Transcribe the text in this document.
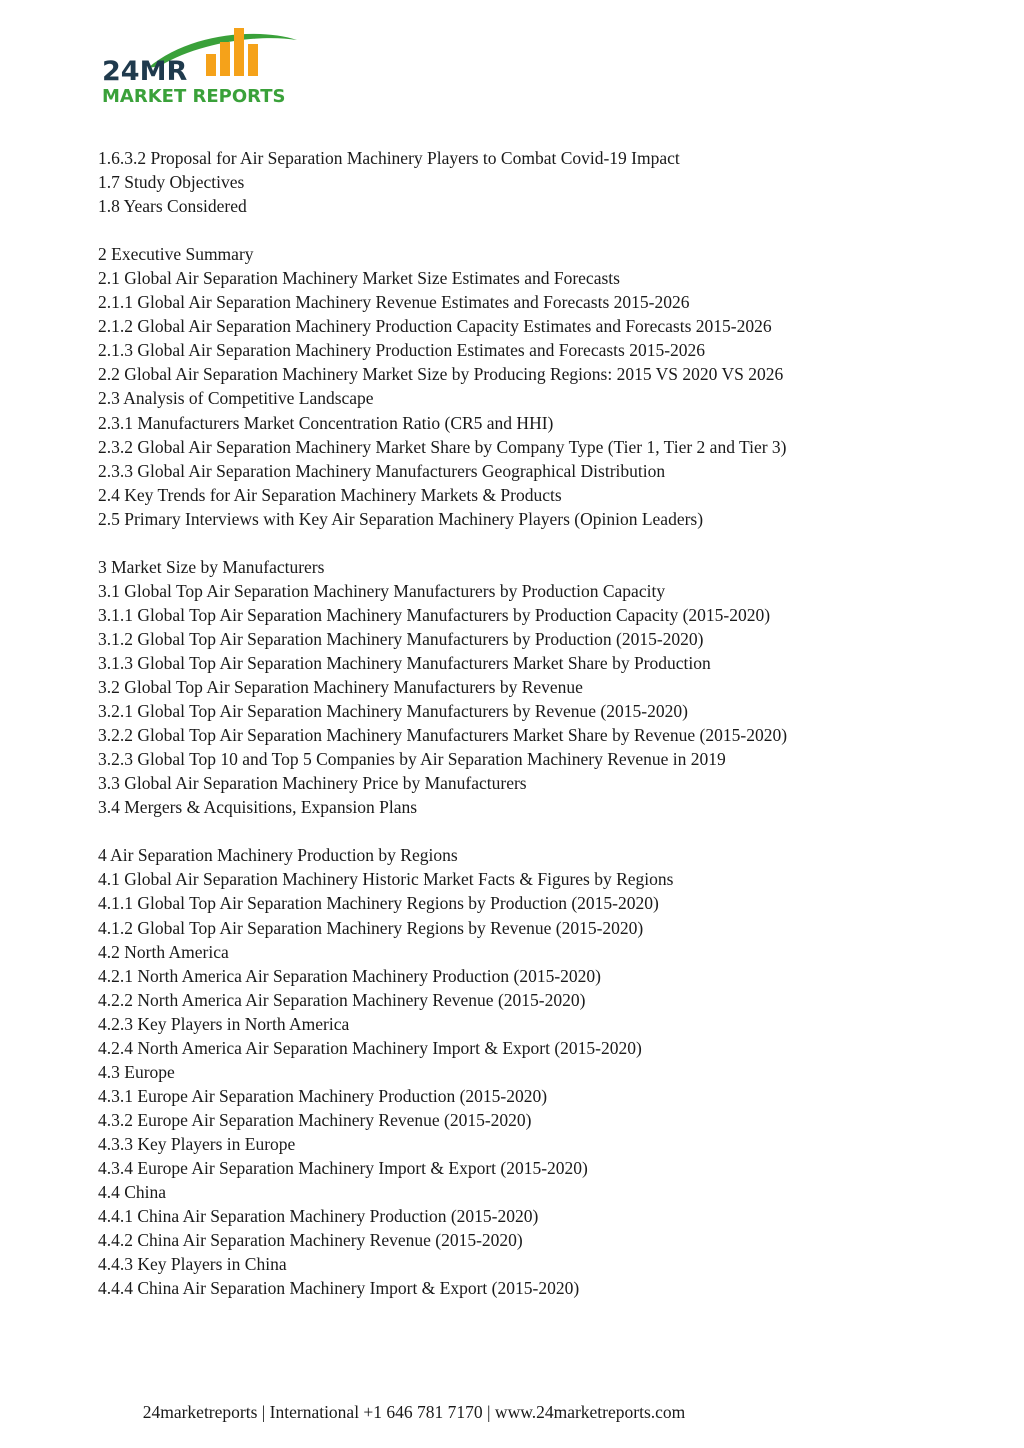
24MR
MARKET REPORTS
1.6.3.2 Proposal for Air Separation Machinery Players to Combat Covid-19 Impact
1.7 Study Objectives
1.8 Years Considered
2 Executive Summary
2.1 Global Air Separation Machinery Market Size Estimates and Forecasts
2.1.1 Global Air Separation Machinery Revenue Estimates and Forecasts 2015-2026
2.1.2 Global Air Separation Machinery Production Capacity Estimates and Forecasts 2015-2026
2.1.3 Global Air Separation Machinery Production Estimates and Forecasts 2015-2026
2.2 Global Air Separation Machinery Market Size by Producing Regions: 2015 VS 2020 VS 2026
2.3 Analysis of Competitive Landscape
2.3.1 Manufacturers Market Concentration Ratio (CR5 and HHI)
2.3.2 Global Air Separation Machinery Market Share by Company Type (Tier 1, Tier 2 and Tier 3)
2.3.3 Global Air Separation Machinery Manufacturers Geographical Distribution
2.4 Key Trends for Air Separation Machinery Markets & Products
2.5 Primary Interviews with Key Air Separation Machinery Players (Opinion Leaders)
3 Market Size by Manufacturers
3.1 Global Top Air Separation Machinery Manufacturers by Production Capacity
3.1.1 Global Top Air Separation Machinery Manufacturers by Production Capacity (2015-2020)
3.1.2 Global Top Air Separation Machinery Manufacturers by Production (2015-2020)
3.1.3 Global Top Air Separation Machinery Manufacturers Market Share by Production
3.2 Global Top Air Separation Machinery Manufacturers by Revenue
3.2.1 Global Top Air Separation Machinery Manufacturers by Revenue (2015-2020)
3.2.2 Global Top Air Separation Machinery Manufacturers Market Share by Revenue (2015-2020)
3.2.3 Global Top 10 and Top 5 Companies by Air Separation Machinery Revenue in 2019
3.3 Global Air Separation Machinery Price by Manufacturers
3.4 Mergers & Acquisitions, Expansion Plans
4 Air Separation Machinery Production by Regions
4.1 Global Air Separation Machinery Historic Market Facts & Figures by Regions
4.1.1 Global Top Air Separation Machinery Regions by Production (2015-2020)
4.1.2 Global Top Air Separation Machinery Regions by Revenue (2015-2020)
4.2 North America
4.2.1 North America Air Separation Machinery Production (2015-2020)
4.2.2 North America Air Separation Machinery Revenue (2015-2020)
4.2.3 Key Players in North America
4.2.4 North America Air Separation Machinery Import & Export (2015-2020)
4.3 Europe
4.3.1 Europe Air Separation Machinery Production (2015-2020)
4.3.2 Europe Air Separation Machinery Revenue (2015-2020)
4.3.3 Key Players in Europe
4.3.4 Europe Air Separation Machinery Import & Export (2015-2020)
4.4 China
4.4.1 China Air Separation Machinery Production (2015-2020)
4.4.2 China Air Separation Machinery Revenue (2015-2020)
4.4.3 Key Players in China
4.4.4 China Air Separation Machinery Import & Export (2015-2020)
24marketreports | International +1 646 781 7170 | www.24marketreports.com
